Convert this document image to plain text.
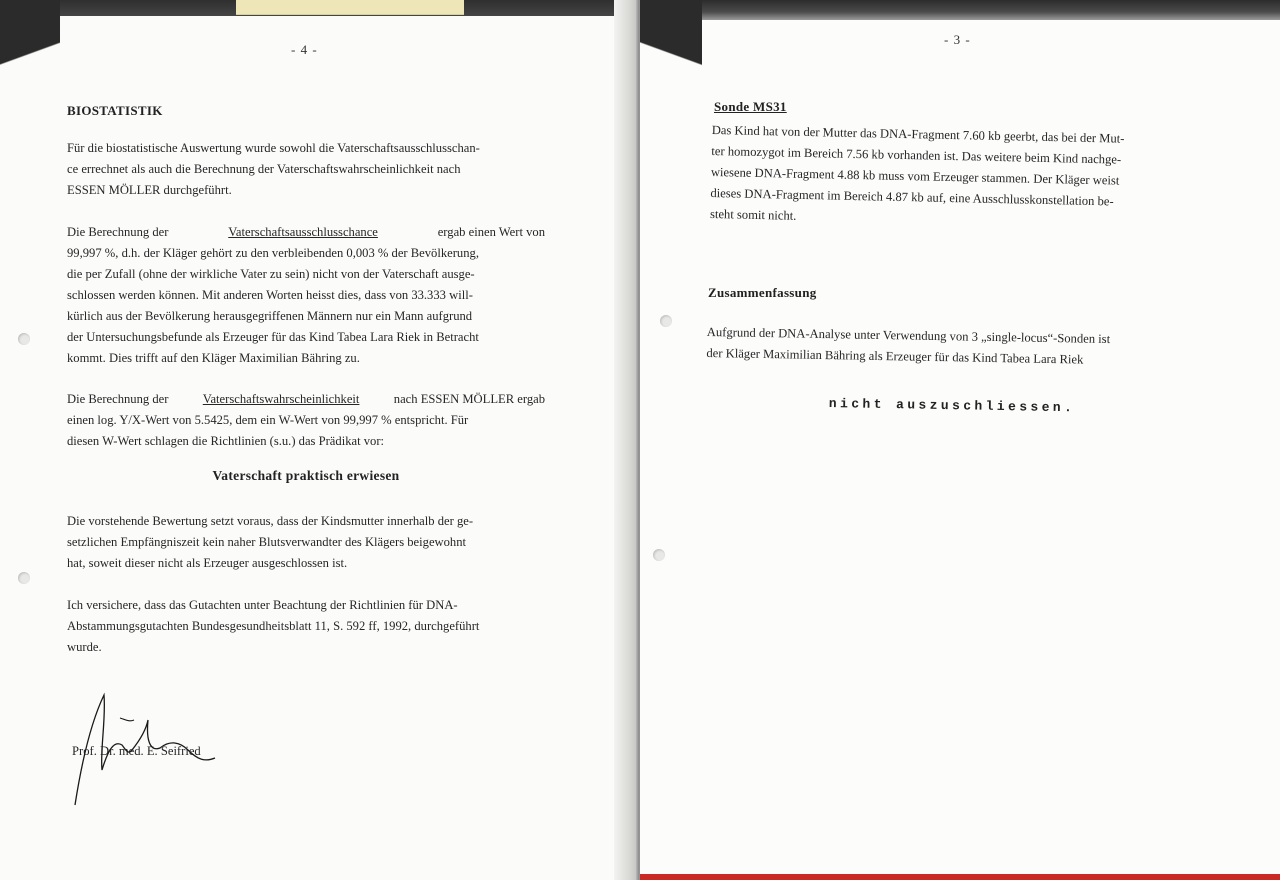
- 4 -
BIOSTATISTIK
Für die biostatistische Auswertung wurde sowohl die Vaterschaftsausschlusschan-
ce errechnet als auch die Berechnung der Vaterschaftswahrscheinlichkeit nach
ESSEN MÖLLER durchgeführt.
Die Berechnung der	Vaterschaftsausschlusschance	ergab einen Wert von
99,997 %, d.h. der Kläger gehört zu den verbleibenden 0,003 % der Bevölkerung,
die per Zufall (ohne der wirkliche Vater zu sein) nicht von der Vaterschaft ausge-
schlossen werden können. Mit anderen Worten heisst dies, dass von 33.333 will-
kürlich aus der Bevölkerung herausgegriffenen Männern nur ein Mann aufgrund
der Untersuchungsbefunde als Erzeuger für das Kind Tabea Lara Riek in Betracht
kommt. Dies trifft auf den Kläger Maximilian Bähring zu.
Die Berechnung der	Vaterschaftswahrscheinlichkeit	nach ESSEN MÖLLER ergab
einen log. Y/X-Wert von 5.5425, dem ein W-Wert von 99,997 % entspricht. Für
diesen W-Wert schlagen die Richtlinien (s.u.) das Prädikat vor:
Vaterschaft praktisch erwiesen
Die vorstehende Bewertung setzt voraus, dass der Kindsmutter innerhalb der ge-
setzlichen Empfängniszeit kein naher Blutsverwandter des Klägers beigewohnt
hat, soweit dieser nicht als Erzeuger ausgeschlossen ist.
Ich versichere, dass das Gutachten unter Beachtung der Richtlinien für DNA-
Abstammungsgutachten Bundesgesundheitsblatt 11, S. 592 ff, 1992, durchgeführt
wurde.
Prof. Dr. med. E. Seifried
- 3 -
Sonde MS31
Das Kind hat von der Mutter das DNA-Fragment 7.60 kb geerbt, das bei der Mut-
ter homozygot im Bereich 7.56 kb vorhanden ist. Das weitere beim Kind nachge-
wiesene DNA-Fragment 4.88 kb muss vom Erzeuger stammen. Der Kläger weist
dieses DNA-Fragment im Bereich 4.87 kb auf, eine Ausschlusskonstellation be-
steht somit nicht.
Zusammenfassung
Aufgrund der DNA-Analyse unter Verwendung von 3 „single-locus“-Sonden ist
der Kläger Maximilian Bähring als Erzeuger für das Kind Tabea Lara Riek
nicht auszuschliessen.
